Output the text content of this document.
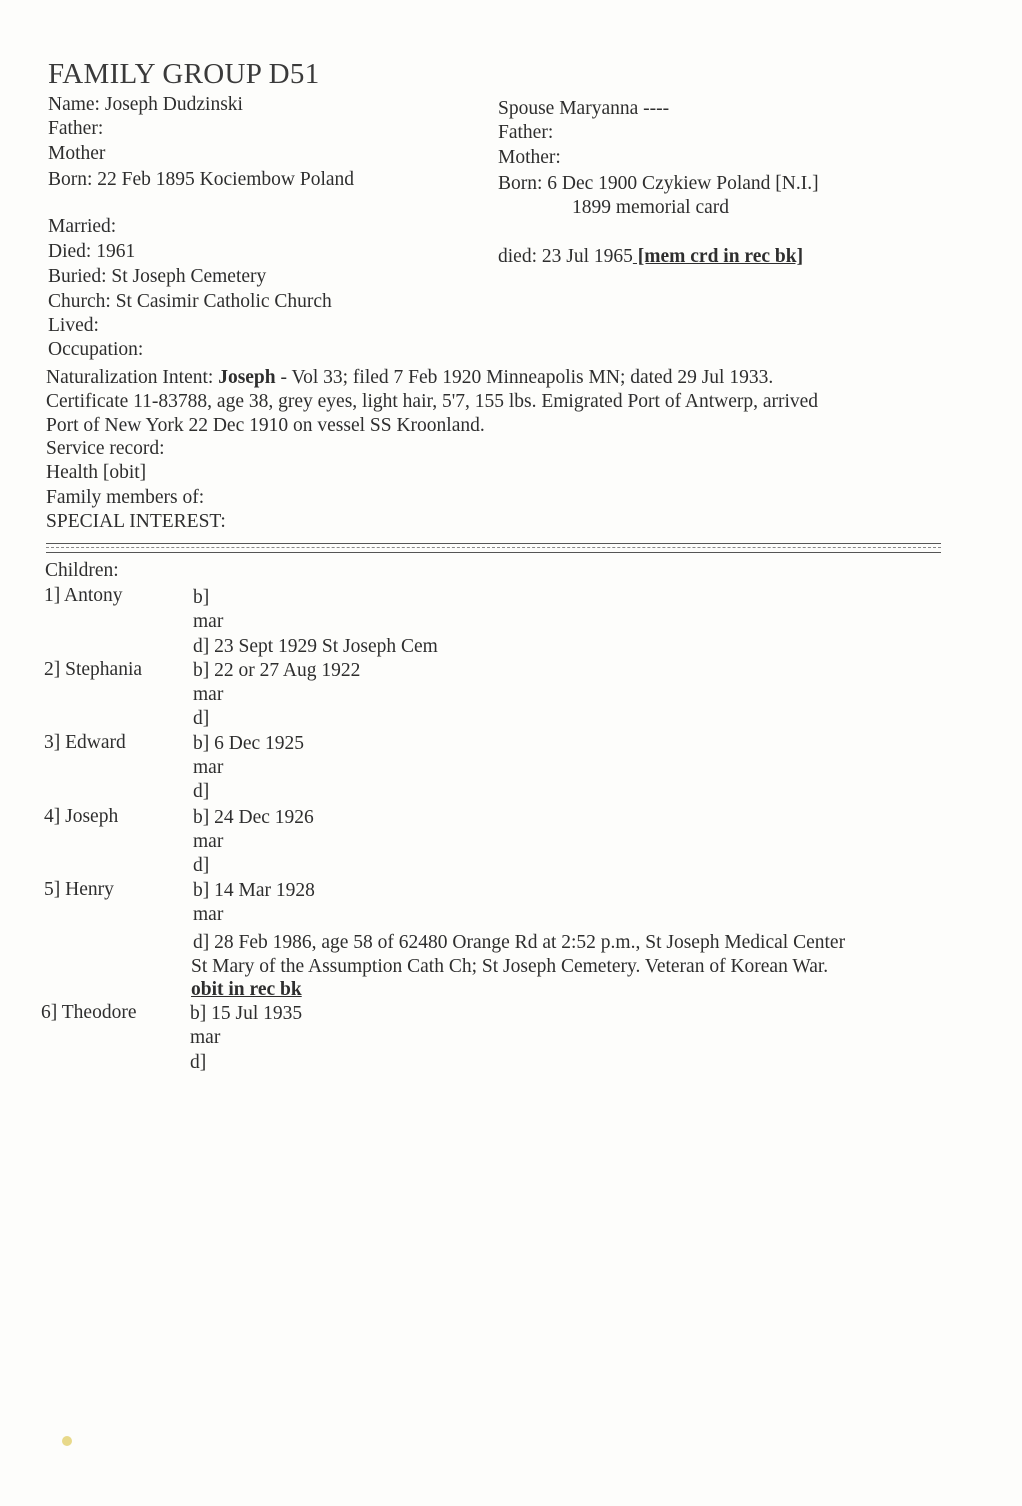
FAMILY GROUP D51
Name: Joseph Dudzinski
Father:
Mother
Born: 22 Feb 1895 Kociembow Poland
Married:
Died: 1961
Buried: St Joseph Cemetery
Church: St Casimir Catholic Church
Lived:
Occupation:
Spouse Maryanna ----
Father:
Mother:
Born: 6 Dec 1900 Czykiew Poland [N.I.]
1899 memorial card
died: 23 Jul 1965 [mem crd in rec bk]
Naturalization Intent: Joseph - Vol 33; filed 7 Feb 1920 Minneapolis MN; dated 29 Jul 1933.
Certificate 11-83788, age 38, grey eyes, light hair, 5'7, 155 lbs. Emigrated Port of Antwerp, arrived
Port of New York 22 Dec 1910 on vessel SS Kroonland.
Service record:
Health [obit]
Family members of:
SPECIAL INTEREST:
Children:
1] Antony	b]
mar
d] 23 Sept 1929 St Joseph Cem
2] Stephania	b] 22 or 27 Aug 1922
mar
d]
3] Edward	b] 6 Dec 1925
mar
d]
4] Joseph	b] 24 Dec 1926
mar
d]
5] Henry	b] 14 Mar 1928
mar
d] 28 Feb 1986, age 58 of 62480 Orange Rd at 2:52 p.m., St Joseph Medical Center
St Mary of the Assumption Cath Ch; St Joseph Cemetery. Veteran of Korean War.
obit in rec bk
6] Theodore	b] 15 Jul 1935
mar
d]
